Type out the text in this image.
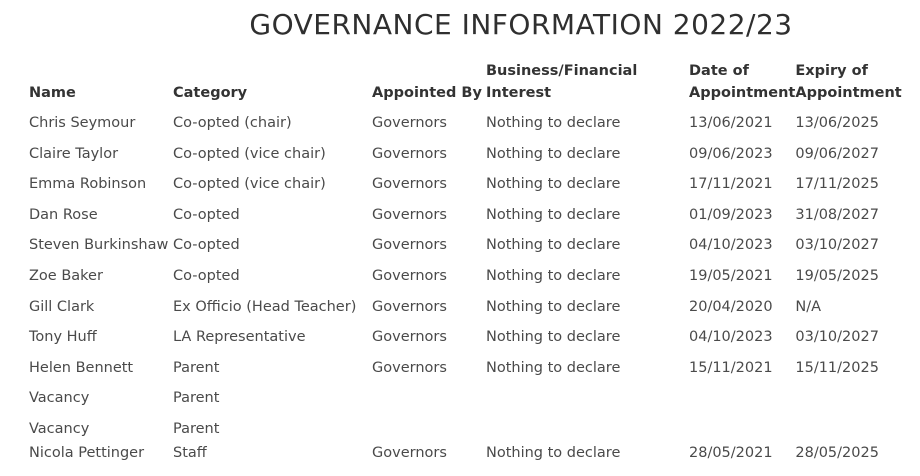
GOVERNANCE INFORMATION 2022/23
Name	Category	Appointed By	Business/Financial Interest	Date of Appointment	Expiry of Appointment
Chris Seymour	Co-opted (chair)	Governors	Nothing to declare	13/06/2021	13/06/2025
Claire Taylor	Co-opted (vice chair)	Governors	Nothing to declare	09/06/2023	09/06/2027
Emma Robinson	Co-opted (vice chair)	Governors	Nothing to declare	17/11/2021	17/11/2025
Dan Rose	Co-opted	Governors	Nothing to declare	01/09/2023	31/08/2027
Steven Burkinshaw	Co-opted	Governors	Nothing to declare	04/10/2023	03/10/2027
Zoe Baker	Co-opted	Governors	Nothing to declare	19/05/2021	19/05/2025
Gill Clark	Ex Officio (Head Teacher)	Governors	Nothing to declare	20/04/2020	N/A
Tony Huff	LA Representative	Governors	Nothing to declare	04/10/2023	03/10/2027
Helen Bennett	Parent	Governors	Nothing to declare	15/11/2021	15/11/2025
Vacancy	Parent				
Vacancy	Parent				
Nicola Pettinger	Staff	Governors	Nothing to declare	28/05/2021	28/05/2025
